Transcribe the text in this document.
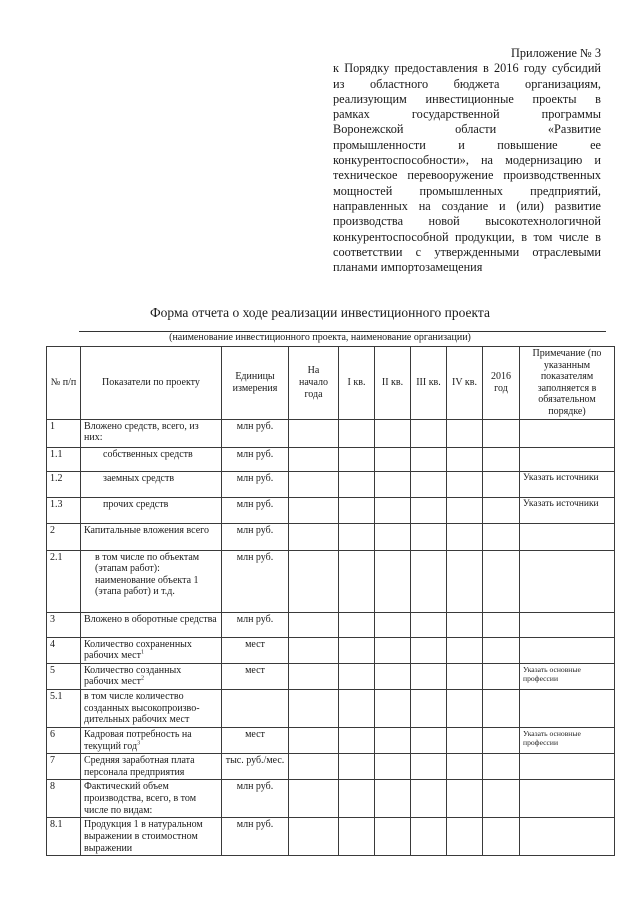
Приложение № 3
к Порядку предоставления в 2016 году субсидий
из областного бюджета организациям,
реализующим инвестиционные проекты в
рамках государственной программы
Воронежской области «Развитие
промышленности и повышение ее
конкурентоспособности», на модернизацию и
техническое перевооружение производственных
мощностей промышленных предприятий,
направленных на создание и (или) развитие
производства новой высокотехнологичной
конкурентоспособной продукции, в том числе в
соответствии с утвержденными отраслевыми
планами импортозамещения
Форма отчета о ходе реализации инвестиционного проекта
(наименование инвестиционного проекта, наименование организации)
№ п/п	Показатели по проекту	Единицы измерения	На начало года	I кв.	II кв.	III кв.	IV кв.	2016 год	Примечание (по указанным показателям заполняется в обязательном порядке)
1	Вложено средств, всего, из них:	млн руб.							
1.1	собственных средств	млн руб.							
1.2	заемных средств	млн руб.							Указать источники
1.3	прочих средств	млн руб.							Указать источники
2	Капитальные вложения всего	млн руб.							
2.1	в том числе по объектам (этапам работ): наименование объекта 1 (этапа работ) и т.д.	млн руб.							
3	Вложено в оборотные средства	млн руб.							
4	Количество сохраненных рабочих мест$^1$	мест							
5	Количество созданных рабочих мест$^2$	мест							Указать основные профессии
5.1	в том числе количество созданных высокопроизво-дительных рабочих мест								
6	Кадровая потребность на текущий год$^3$	мест							Указать основные профессии
7	Средняя заработная плата персонала предприятия	тыс. руб./мес.							
8	Фактический объем производства, всего, в том числе по видам:	млн руб.							
8.1	Продукция 1 в натуральном выражении в стоимостном выражении	млн руб.							
